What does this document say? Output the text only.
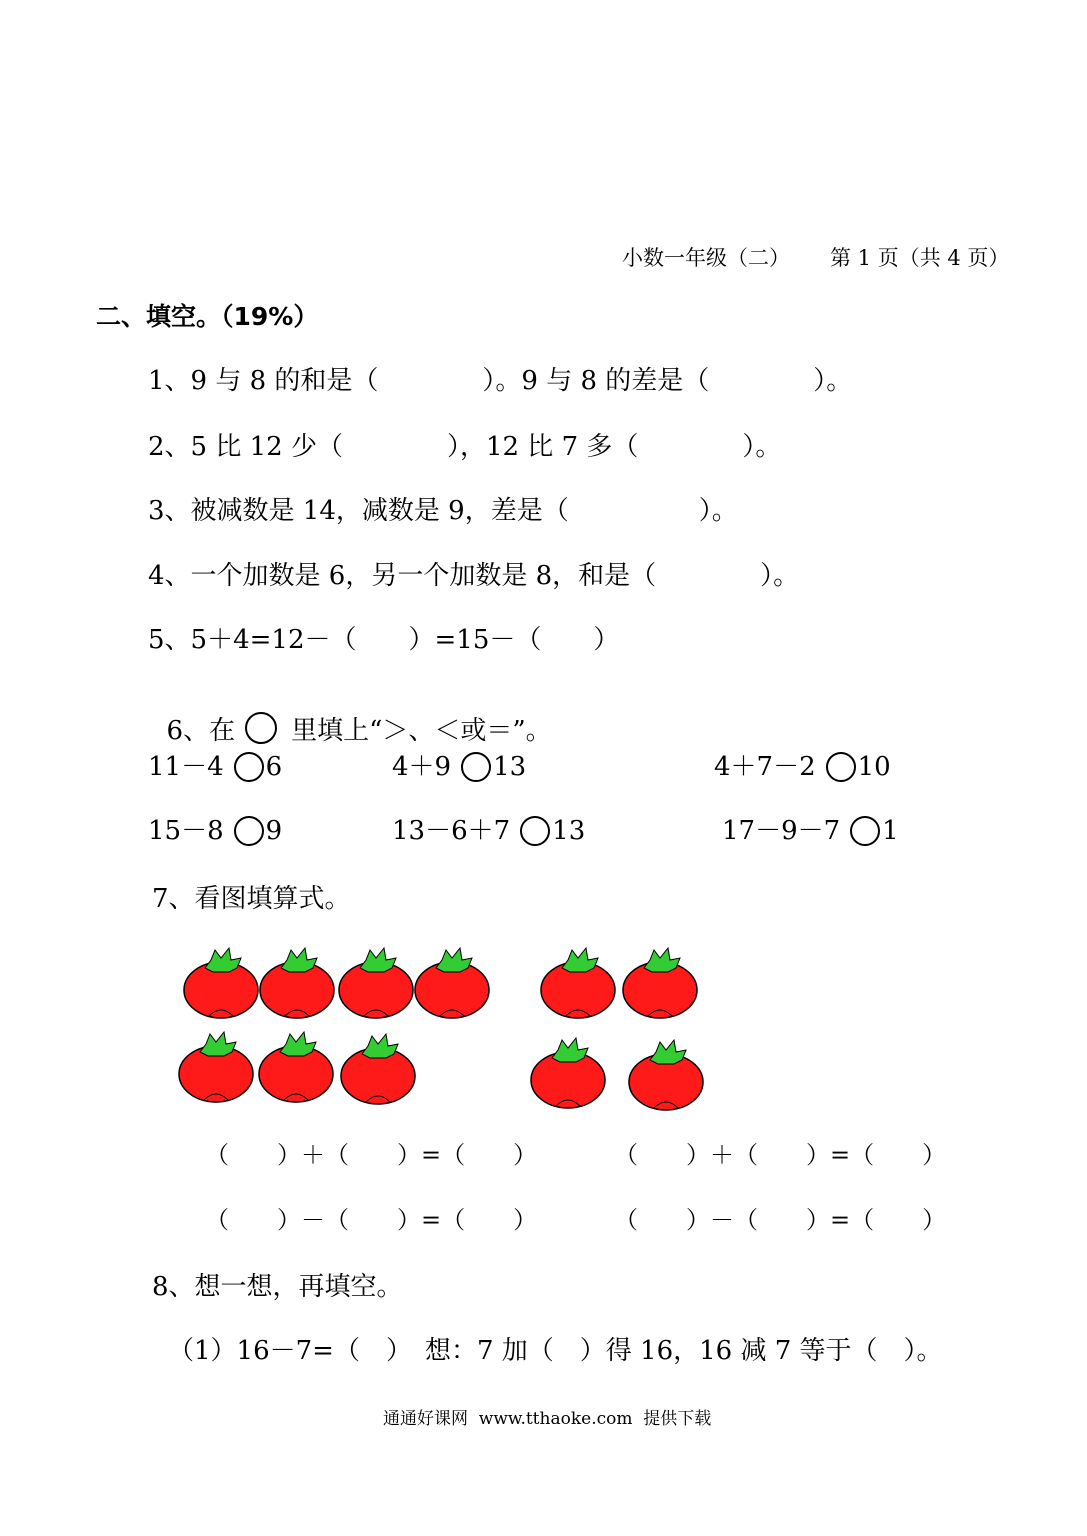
小数一年级（二） 第 1 页（共 4 页）
二、填空。（19%）
1、9 与 8 的和是（　　　　）。9 与 8 的差是（　　　　）。
2、5 比 12 少（　　　　），12 比 7 多（　　　　）。
3、被减数是 14，减数是 9，差是（　　　　　）。
4、一个加数是 6，另一个加数是 8，和是（　　　　）。
5、5＋4=12－（　　）=15－（　　）

6、在 里填上“＞、＜或＝”。

11－4 6	4＋9 13	4＋7－2 10
15－8 9	13－6＋7 13	17－9－7 1
7、看图填算式。
（　　）＋（　　）=（　　）	（　　）＋（　　）=（　　）
（　　）－（　　）=（　　）	（　　）－（　　）=（　　）
8、想一想，再填空。
（1）16－7=（　）　想：7 加（　）得 16，16 减 7 等于（　）。
通通好课网  www.tthaoke.com  提供下载
